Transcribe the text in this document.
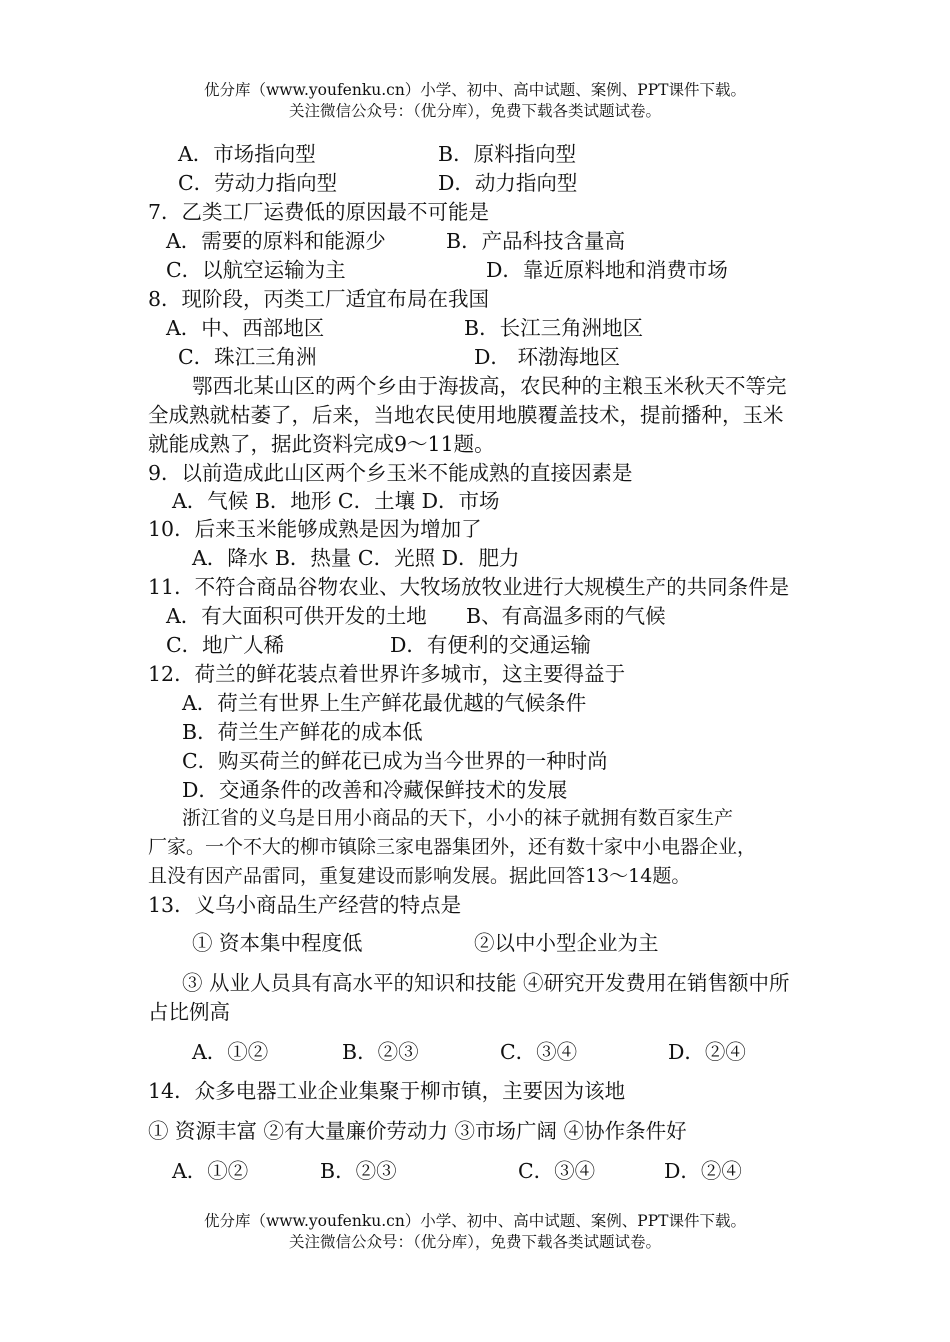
优分库（www.youfenku.cn）小学、初中、高中试题、案例、PPT课件下载。
关注微信公众号：（优分库），免费下载各类试题试卷。
A．市场指向型	B．原料指向型
C．劳动力指向型	D．动力指向型
7．乙类工厂运费低的原因最不可能是
A．需要的原料和能源少	B．产品科技含量高
C．以航空运输为主	D．靠近原料地和消费市场
8．现阶段，丙类工厂适宜布局在我国
A．中、西部地区	B．长江三角洲地区
C．珠江三角洲	D． 环渤海地区
鄂西北某山区的两个乡由于海拔高，农民种的主粮玉米秋天不等完
全成熟就枯萎了，后来，当地农民使用地膜覆盖技术，提前播种，玉米
就能成熟了，据此资料完成9～11题。
9．以前造成此山区两个乡玉米不能成熟的直接因素是
A．气候 B．地形 C．土壤 D．市场
10．后来玉米能够成熟是因为增加了
A．降水 B．热量 C．光照 D．肥力
11．不符合商品谷物农业、大牧场放牧业进行大规模生产的共同条件是
A．有大面积可供开发的土地 B、有高温多雨的气候
C．地广人稀	D．有便利的交通运输
12．荷兰的鲜花装点着世界许多城市，这主要得益于
A．荷兰有世界上生产鲜花最优越的气候条件
B．荷兰生产鲜花的成本低
C．购买荷兰的鲜花已成为当今世界的一种时尚
D．交通条件的改善和冷藏保鲜技术的发展
浙江省的义乌是日用小商品的天下，小小的袜子就拥有数百家生产
厂家。一个不大的柳市镇除三家电器集团外，还有数十家中小电器企业，
且没有因产品雷同，重复建设而影响发展。据此回答13～14题。
13．义乌小商品生产经营的特点是
① 资本集中程度低	②以中小型企业为主
③ 从业人员具有高水平的知识和技能 ④研究开发费用在销售额中所
占比例高
A．①②	B．②③	C．③④	D．②④
14．众多电器工业企业集聚于柳市镇，主要因为该地
① 资源丰富 ②有大量廉价劳动力 ③市场广阔 ④协作条件好
A．①②	B．②③	C．③④	D．②④
优分库（www.youfenku.cn）小学、初中、高中试题、案例、PPT课件下载。
关注微信公众号：（优分库），免费下载各类试题试卷。
